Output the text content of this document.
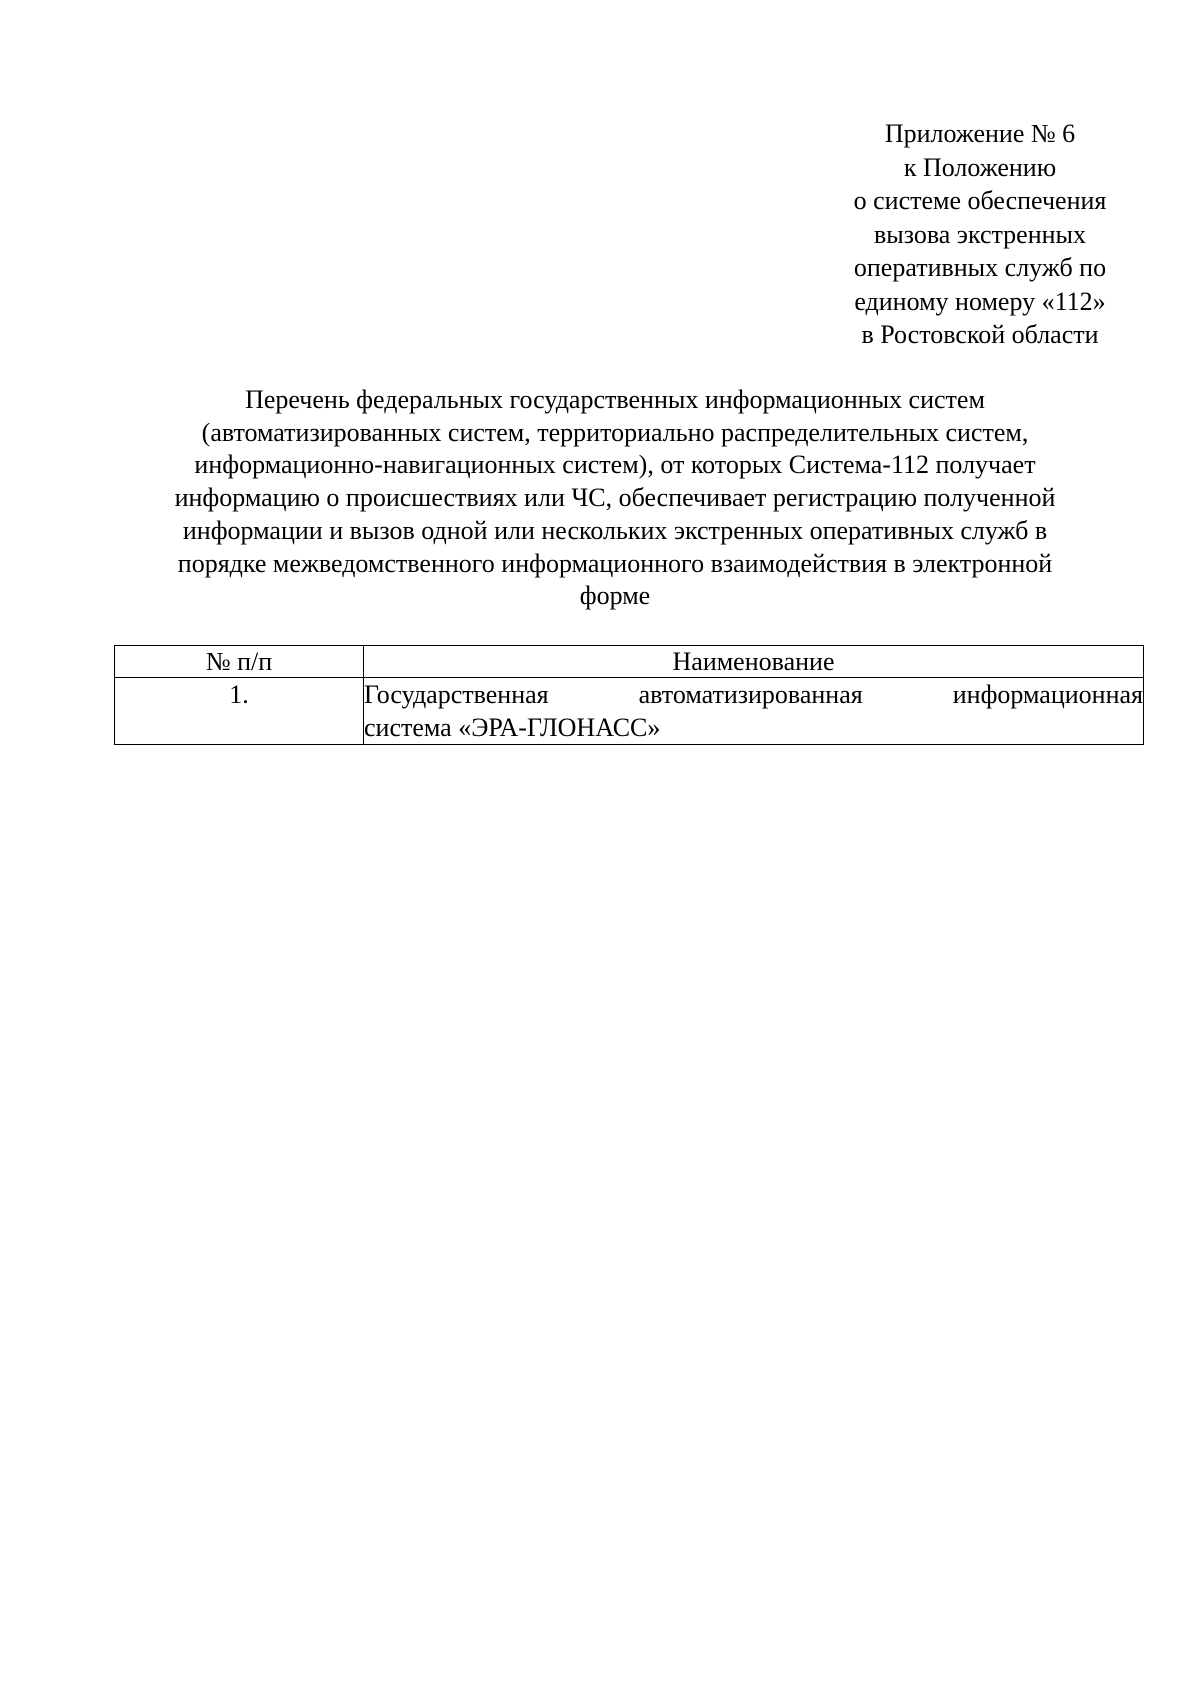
Приложение № 6
к Положению
о системе обеспечения
вызова экстренных
оперативных служб по
единому номеру «112»
в Ростовской области
Перечень федеральных государственных информационных систем
(автоматизированных систем, территориально распределительных систем,
информационно-навигационных систем), от которых Система-112 получает
информацию о происшествиях или ЧС, обеспечивает регистрацию полученной
информации и вызов одной или нескольких экстренных оперативных служб в
порядке межведомственного информационного взаимодействия в электронной
форме
№ п/п	Наименование
1.	Государственная автоматизированная информационная
система «ЭРА-ГЛОНАСС»
